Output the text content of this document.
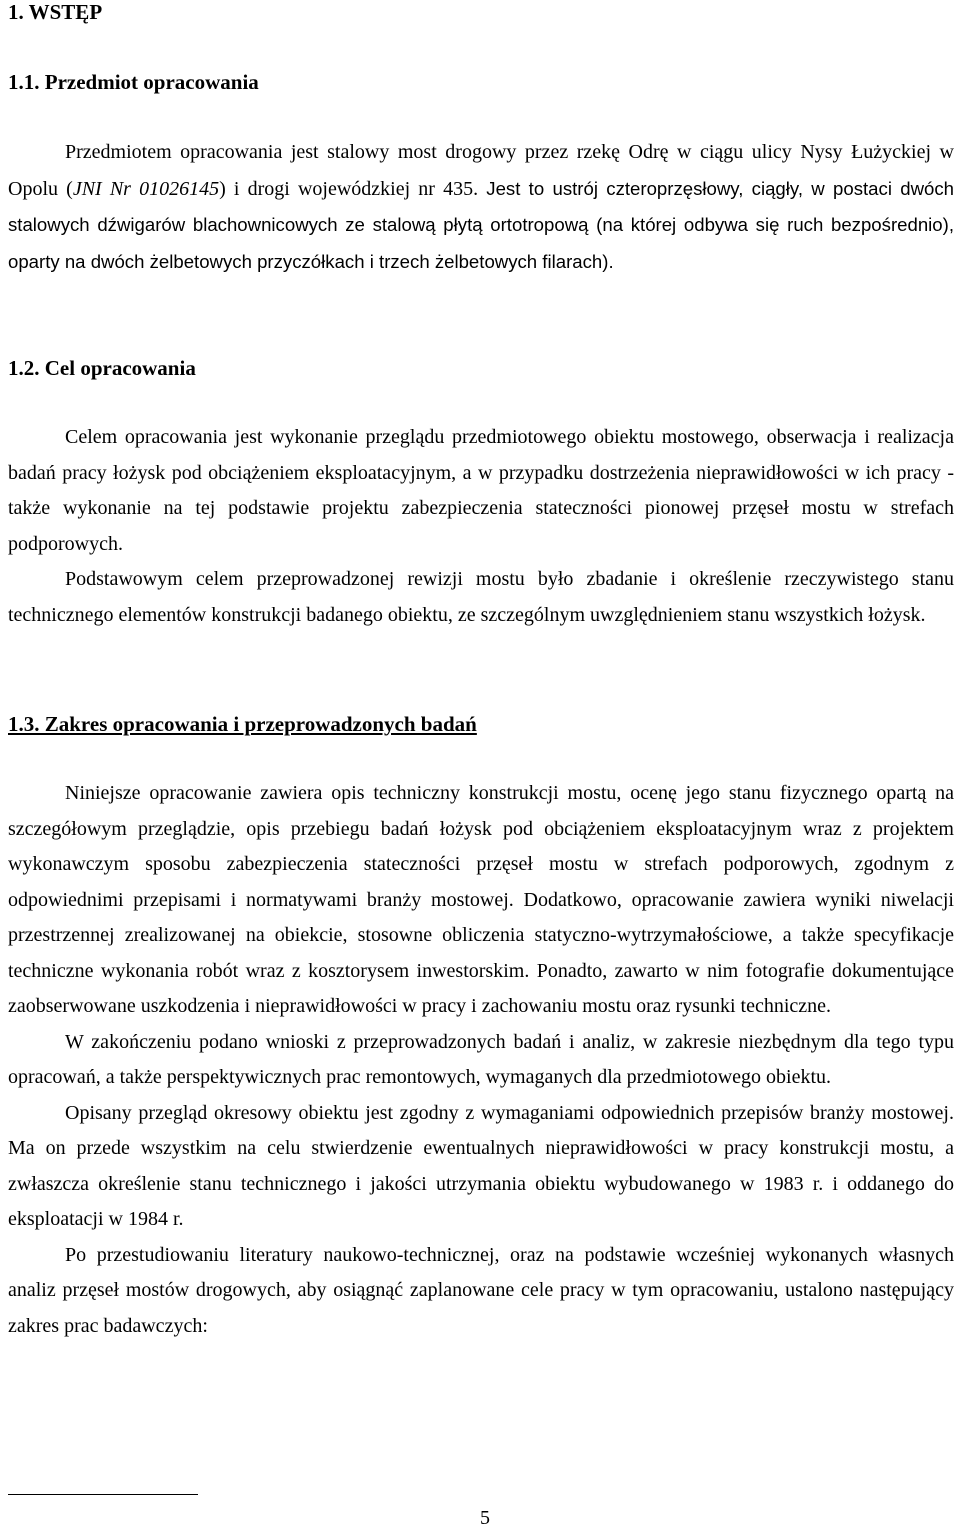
1. WSTĘP
1.1. Przedmiot opracowania

Przedmiotem opracowania jest stalowy most drogowy przez rzekę Odrę w ciągu ulicy Nysy Łużyckiej w Opolu (JNI Nr 01026145) i drogi wojewódzkiej nr 435. Jest to ustrój czteroprzęsłowy, ciągły, w postaci dwóch stalowych dźwigarów blachownicowych ze stalową płytą ortotropową (na której odbywa się ruch bezpośrednio), oparty na dwóch żelbetowych przyczółkach i trzech żelbetowych filarach).

1.2. Cel opracowania

Celem opracowania jest wykonanie przeglądu przedmiotowego obiektu mostowego, obserwacja i realizacja badań pracy łożysk pod obciążeniem eksploatacyjnym, a w przypadku dostrzeżenia nieprawidłowości w ich pracy - także wykonanie na tej podstawie projektu zabezpieczenia stateczności pionowej przęseł mostu w strefach podporowych.

Podstawowym celem przeprowadzonej rewizji mostu było zbadanie i określenie rzeczywistego stanu technicznego elementów konstrukcji badanego obiektu, ze szczególnym uwzględnieniem stanu wszystkich łożysk.

1.3. Zakres opracowania i przeprowadzonych badań

Niniejsze opracowanie zawiera opis techniczny konstrukcji mostu, ocenę jego stanu fizycznego opartą na szczegółowym przeglądzie, opis przebiegu badań łożysk pod obciążeniem eksploatacyjnym wraz z projektem wykonawczym sposobu zabezpieczenia stateczności przęseł mostu w strefach podporowych, zgodnym z odpowiednimi przepisami i normatywami branży mostowej. Dodatkowo, opracowanie zawiera wyniki niwelacji przestrzennej zrealizowanej na obiekcie, stosowne obliczenia statyczno-wytrzymałościowe, a także specyfikacje techniczne wykonania robót wraz z kosztorysem inwestorskim. Ponadto, zawarto w nim fotografie dokumentujące zaobserwowane uszkodzenia i nieprawidłowości w pracy i zachowaniu mostu oraz rysunki techniczne.

W zakończeniu podano wnioski z przeprowadzonych badań i analiz, w zakresie niezbędnym dla tego typu opracowań, a także perspektywicznych prac remontowych, wymaganych dla przedmiotowego obiektu.

Opisany przegląd okresowy obiektu jest zgodny z wymaganiami odpowiednich przepisów branży mostowej. Ma on przede wszystkim na celu stwierdzenie ewentualnych nieprawidłowości w pracy konstrukcji mostu, a zwłaszcza określenie stanu technicznego i jakości utrzymania obiektu wybudowanego w 1983 r. i oddanego do eksploatacji w 1984 r.

Po przestudiowaniu literatury naukowo-technicznej, oraz na podstawie wcześniej wykonanych własnych analiz przęseł mostów drogowych, aby osiągnąć zaplanowane cele pracy w tym opracowaniu, ustalono następujący zakres prac badawczych:

5
